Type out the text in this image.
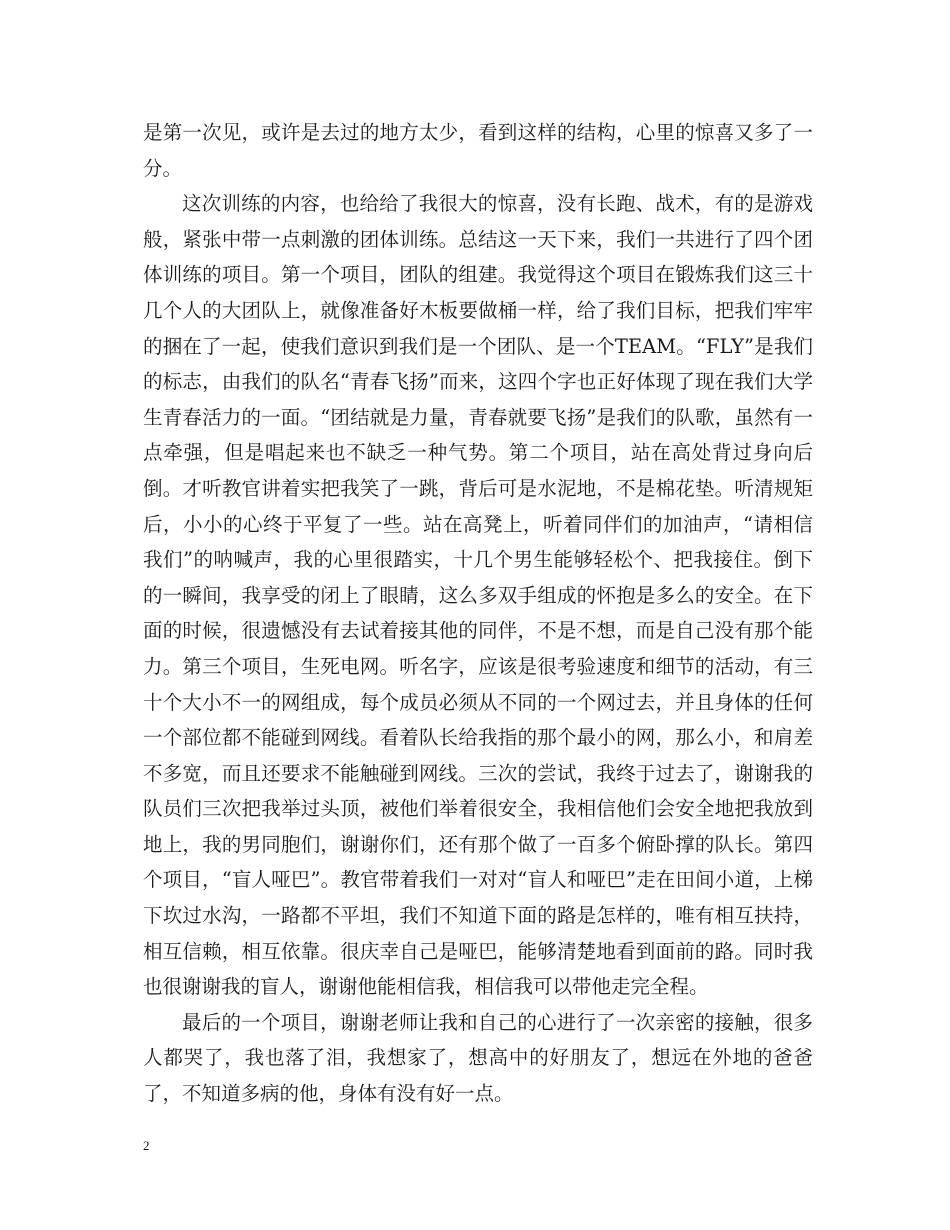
是第一次见，或许是去过的地方太少，看到这样的结构，心里的惊喜又多了一分。

这次训练的内容，也给给了我很大的惊喜，没有长跑、战术，有的是游戏般，紧张中带一点刺激的团体训练。总结这一天下来，我们一共进行了四个团体训练的项目。第一个项目，团队的组建。我觉得这个项目在锻炼我们这三十几个人的大团队上，就像准备好木板要做桶一样，给了我们目标，把我们牢牢的捆在了一起，使我们意识到我们是一个团队、是一个TEAM。“FLY”是我们的标志，由我们的队名“青春飞扬”而来，这四个字也正好体现了现在我们大学生青春活力的一面。“团结就是力量，青春就要飞扬”是我们的队歌，虽然有一点牵强，但是唱起来也不缺乏一种气势。第二个项目，站在高处背过身向后倒。才听教官讲着实把我笑了一跳，背后可是水泥地，不是棉花垫。听清规矩后，小小的心终于平复了一些。站在高凳上，听着同伴们的加油声，“请相信我们”的呐喊声，我的心里很踏实，十几个男生能够轻松个、把我接住。倒下的一瞬间，我享受的闭上了眼睛，这么多双手组成的怀抱是多么的安全。在下面的时候，很遗憾没有去试着接其他的同伴，不是不想，而是自己没有那个能力。第三个项目，生死电网。听名字，应该是很考验速度和细节的活动，有三十个大小不一的网组成，每个成员必须从不同的一个网过去，并且身体的任何一个部位都不能碰到网线。看着队长给我指的那个最小的网，那么小，和肩差不多宽，而且还要求不能触碰到网线。三次的尝试，我终于过去了，谢谢我的队员们三次把我举过头顶，被他们举着很安全，我相信他们会安全地把我放到地上，我的男同胞们，谢谢你们，还有那个做了一百多个俯卧撑的队长。第四个项目，“盲人哑巴”。教官带着我们一对对“盲人和哑巴”走在田间小道，上梯下坎过水沟，一路都不平坦，我们不知道下面的路是怎样的，唯有相互扶持，相互信赖，相互依靠。很庆幸自己是哑巴，能够清楚地看到面前的路。同时我也很谢谢我的盲人，谢谢他能相信我，相信我可以带他走完全程。

最后的一个项目，谢谢老师让我和自己的心进行了一次亲密的接触，很多人都哭了，我也落了泪，我想家了，想高中的好朋友了，想远在外地的爸爸了，不知道多病的他，身体有没有好一点。

2
